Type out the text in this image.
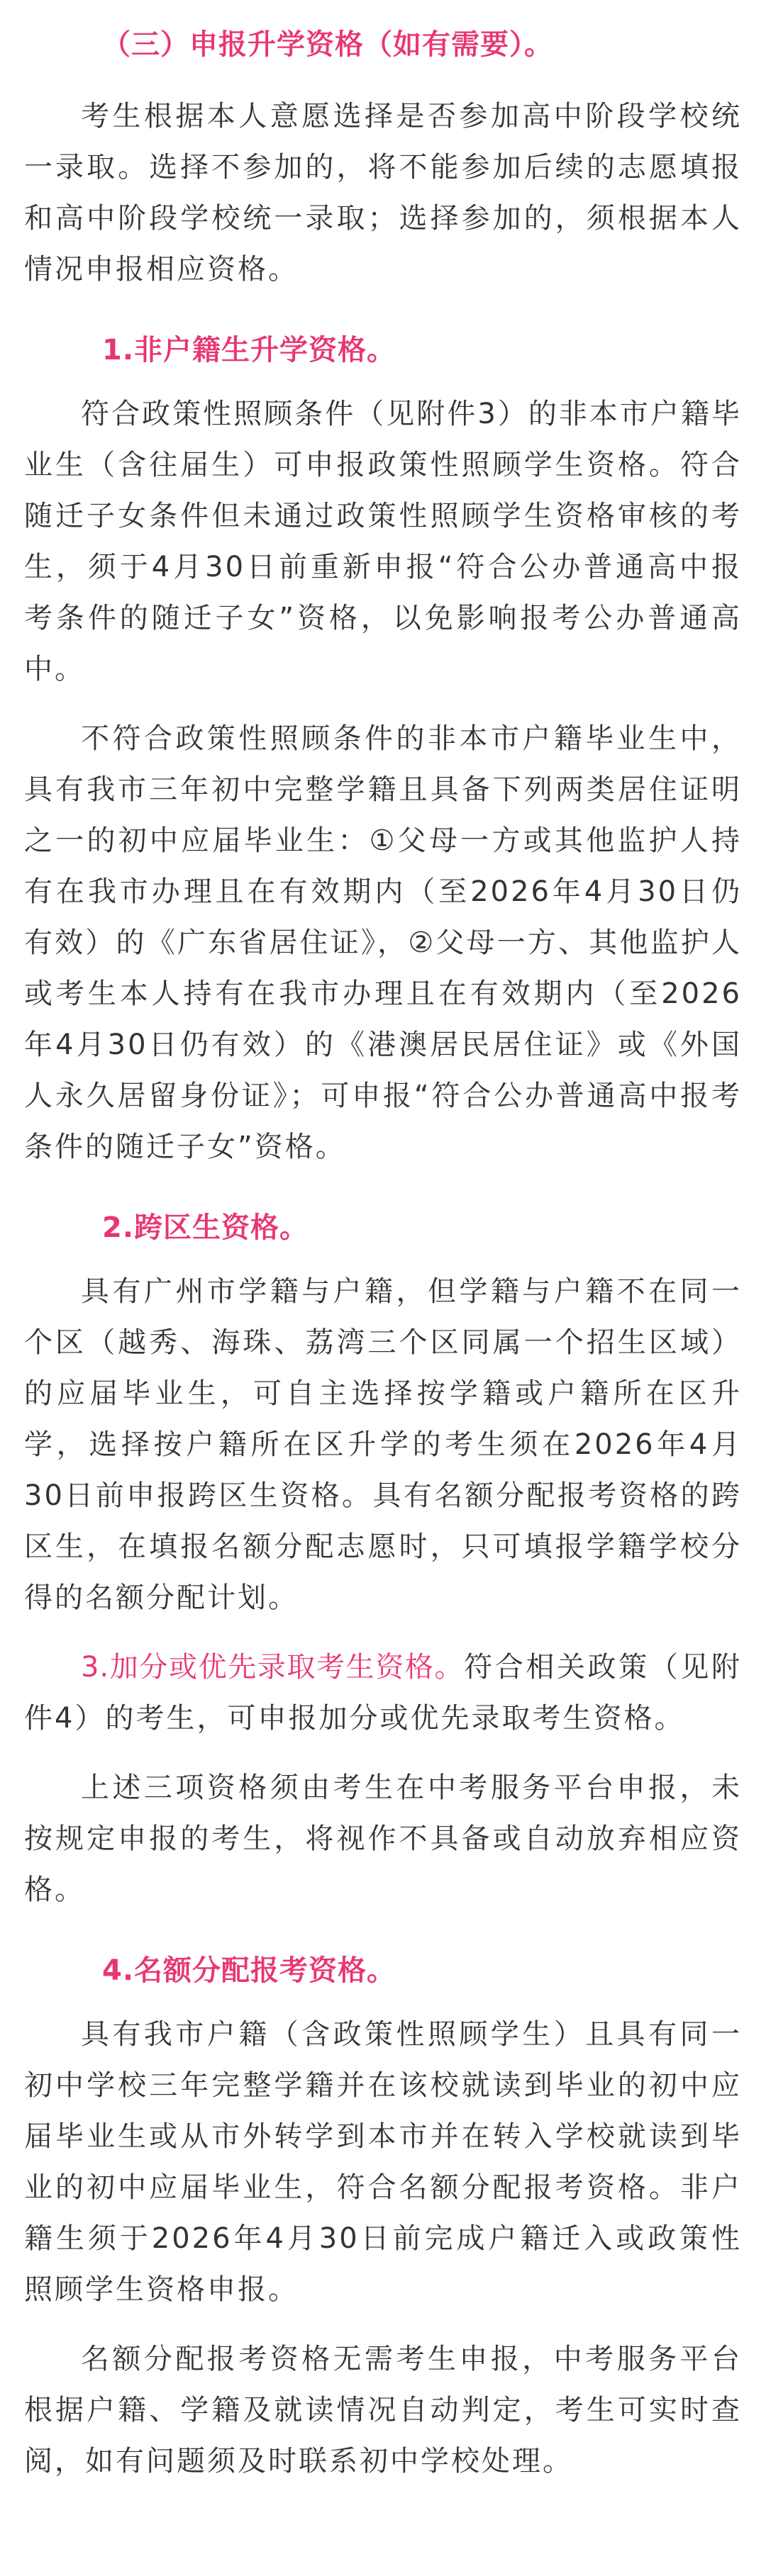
（三）申报升学资格（如有需要）。

考生根据本人意愿选择是否参加高中阶段学校统一录取。选择不参加的，将不能参加后续的志愿填报和高中阶段学校统一录取；选择参加的，须根据本人情况申报相应资格。

1.非户籍生升学资格。

符合政策性照顾条件（见附件3）的非本市户籍毕业生（含往届生）可申报政策性照顾学生资格。符合随迁子女条件但未通过政策性照顾学生资格审核的考生，须于4月30日前重新申报“符合公办普通高中报考条件的随迁子女”资格，以免影响报考公办普通高中。

不符合政策性照顾条件的非本市户籍毕业生中，具有我市三年初中完整学籍且具备下列两类居住证明之一的初中应届毕业生：①父母一方或其他监护人持有在我市办理且在有效期内（至2026年4月30日仍有效）的《广东省居住证》，②父母一方、其他监护人或考生本人持有在我市办理且在有效期内（至2026年4月30日仍有效）的《港澳居民居住证》或《外国人永久居留身份证》；可申报“符合公办普通高中报考条件的随迁子女”资格。

2.跨区生资格。

具有广州市学籍与户籍，但学籍与户籍不在同一个区（越秀、海珠、荔湾三个区同属一个招生区域）的应届毕业生，可自主选择按学籍或户籍所在区升学，选择按户籍所在区升学的考生须在2026年4月30日前申报跨区生资格。具有名额分配报考资格的跨区生，在填报名额分配志愿时，只可填报学籍学校分得的名额分配计划。

3.加分或优先录取考生资格。符合相关政策（见附件4）的考生，可申报加分或优先录取考生资格。

上述三项资格须由考生在中考服务平台申报，未按规定申报的考生，将视作不具备或自动放弃相应资格。

4.名额分配报考资格。

具有我市户籍（含政策性照顾学生）且具有同一初中学校三年完整学籍并在该校就读到毕业的初中应届毕业生或从市外转学到本市并在转入学校就读到毕业的初中应届毕业生，符合名额分配报考资格。非户籍生须于2026年4月30日前完成户籍迁入或政策性照顾学生资格申报。

名额分配报考资格无需考生申报，中考服务平台根据户籍、学籍及就读情况自动判定，考生可实时查阅，如有问题须及时联系初中学校处理。
